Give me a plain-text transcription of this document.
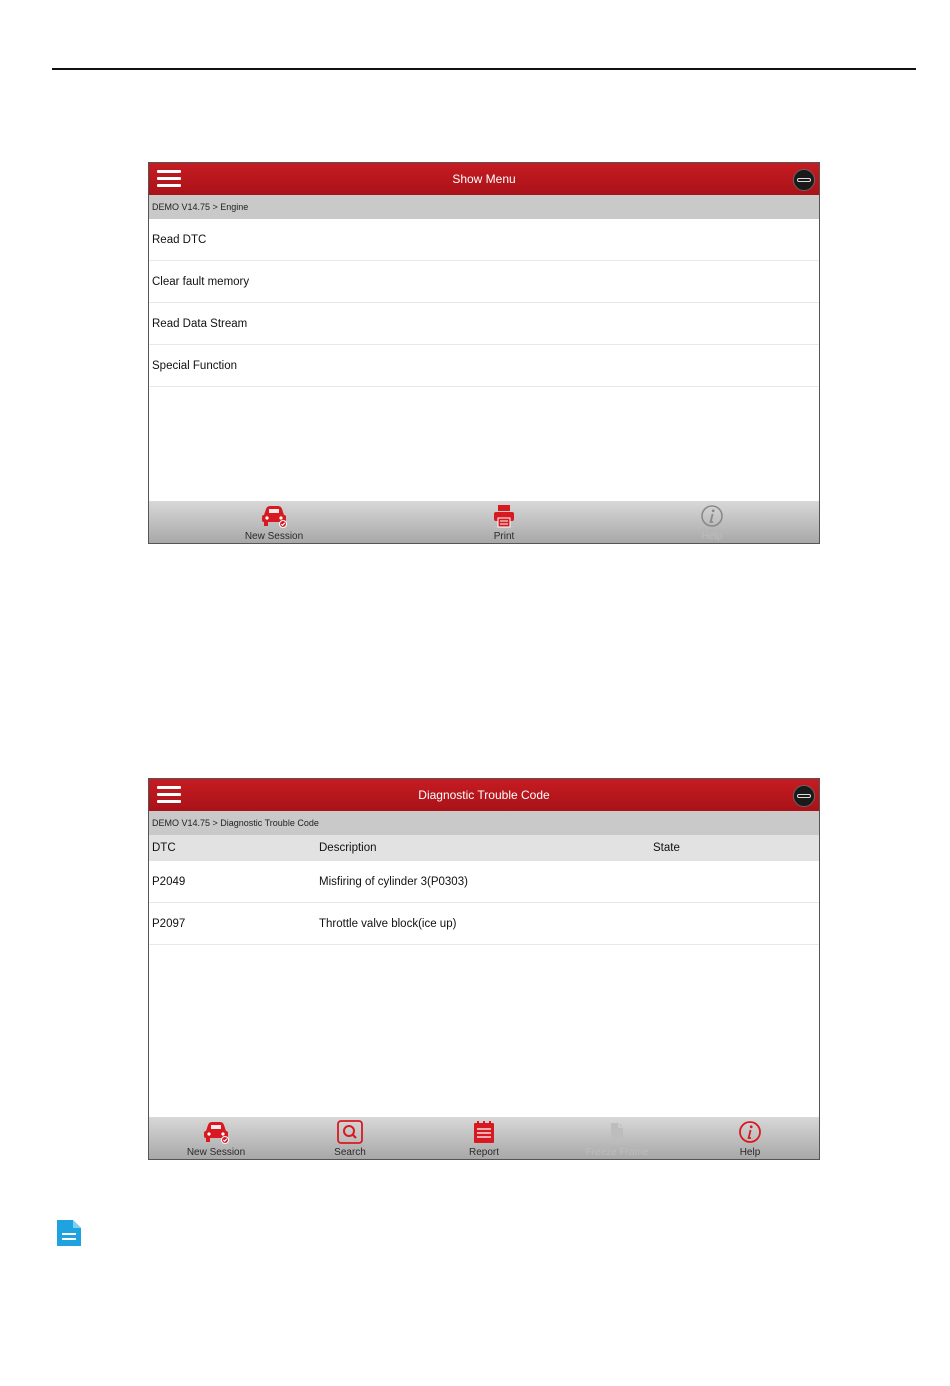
Show Menu
DEMO V14.75 > Engine
Read DTC
Clear fault memory
Read Data Stream
Special Function
New Session	Print	Help
Diagnostic Trouble Code
DEMO V14.75 > Diagnostic Trouble Code
DTC	Description	State
P2049	Misfiring of cylinder 3(P0303)
P2097	Throttle valve block(ice up)
New Session	Search	Report	Freeze Frame	Help
